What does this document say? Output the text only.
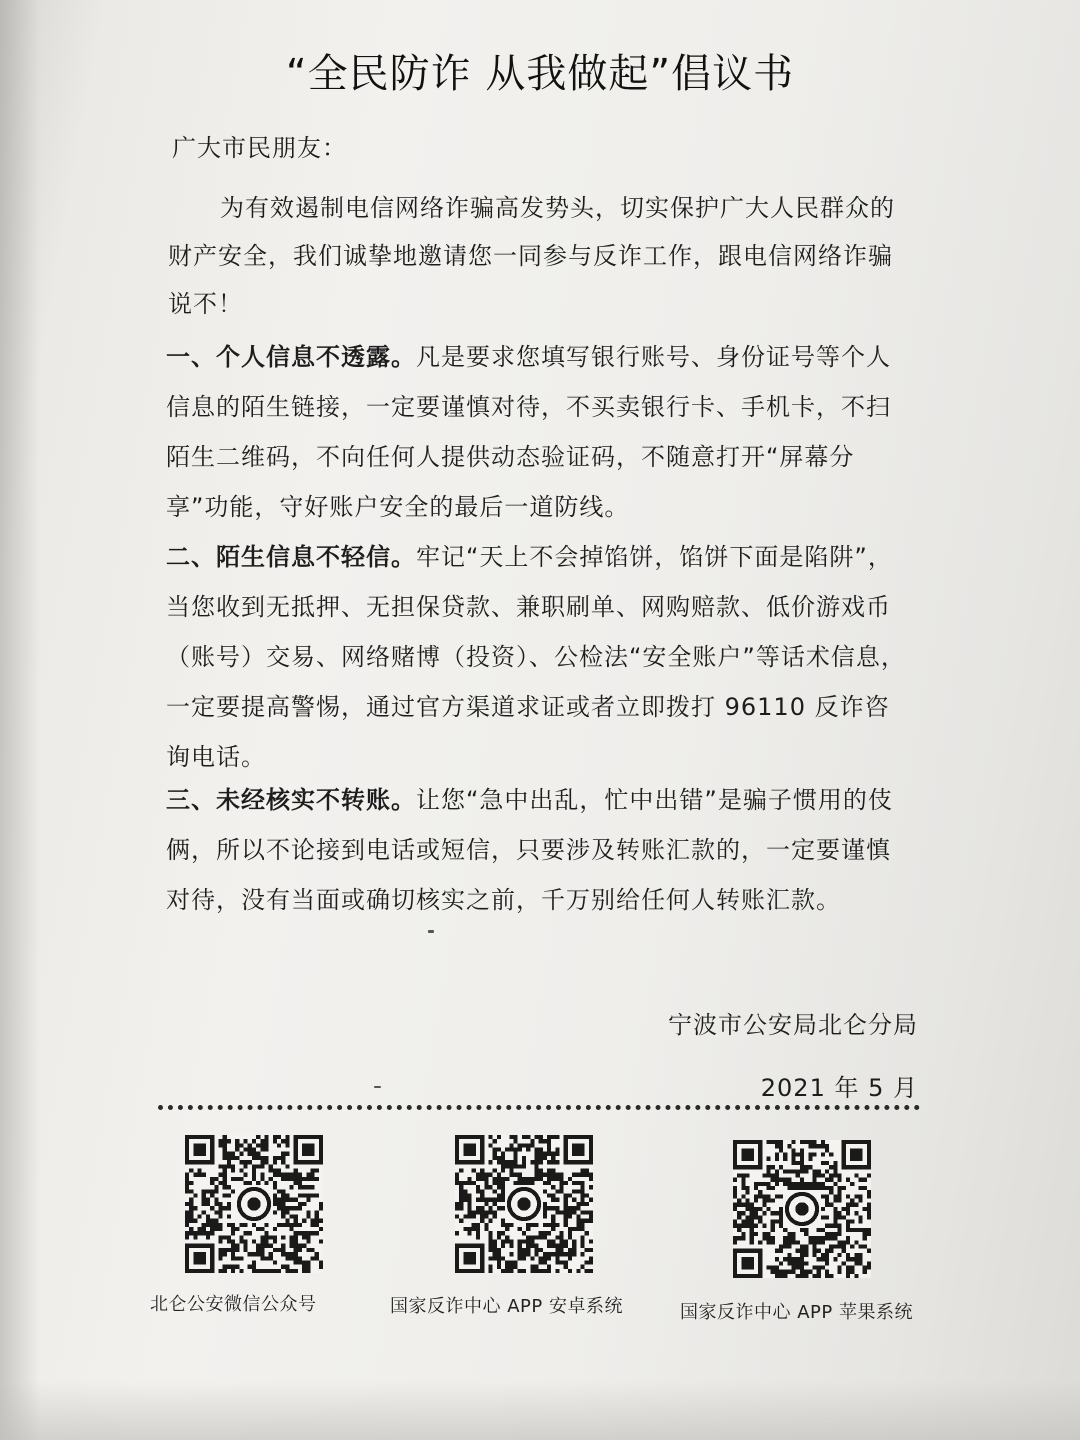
“全民防诈 从我做起”倡议书
广大市民朋友：

为有效遏制电信网络诈骗高发势头，切实保护广大人民群众的财产安全，我们诚挚地邀请您一同参与反诈工作，跟电信网络诈骗说不！

一、个人信息不透露。凡是要求您填写银行账号、身份证号等个人信息的陌生链接，一定要谨慎对待，不买卖银行卡、手机卡，不扫陌生二维码，不向任何人提供动态验证码，不随意打开“屏幕分享”功能，守好账户安全的最后一道防线。

二、陌生信息不轻信。牢记“天上不会掉馅饼，馅饼下面是陷阱”，当您收到无抵押、无担保贷款、兼职刷单、网购赔款、低价游戏币（账号）交易、网络赌博（投资）、公检法“安全账户”等话术信息，一定要提高警惕，通过官方渠道求证或者立即拨打 96110 反诈咨询电话。

三、未经核实不转账。让您“急中出乱，忙中出错”是骗子惯用的伎俩，所以不论接到电话或短信，只要涉及转账汇款的，一定要谨慎对待，没有当面或确切核实之前，千万别给任何人转账汇款。

宁波市公安局北仑分局
2021 年 5 月
北仑公安微信公众号	国家反诈中心 APP 安卓系统	国家反诈中心 APP 苹果系统
